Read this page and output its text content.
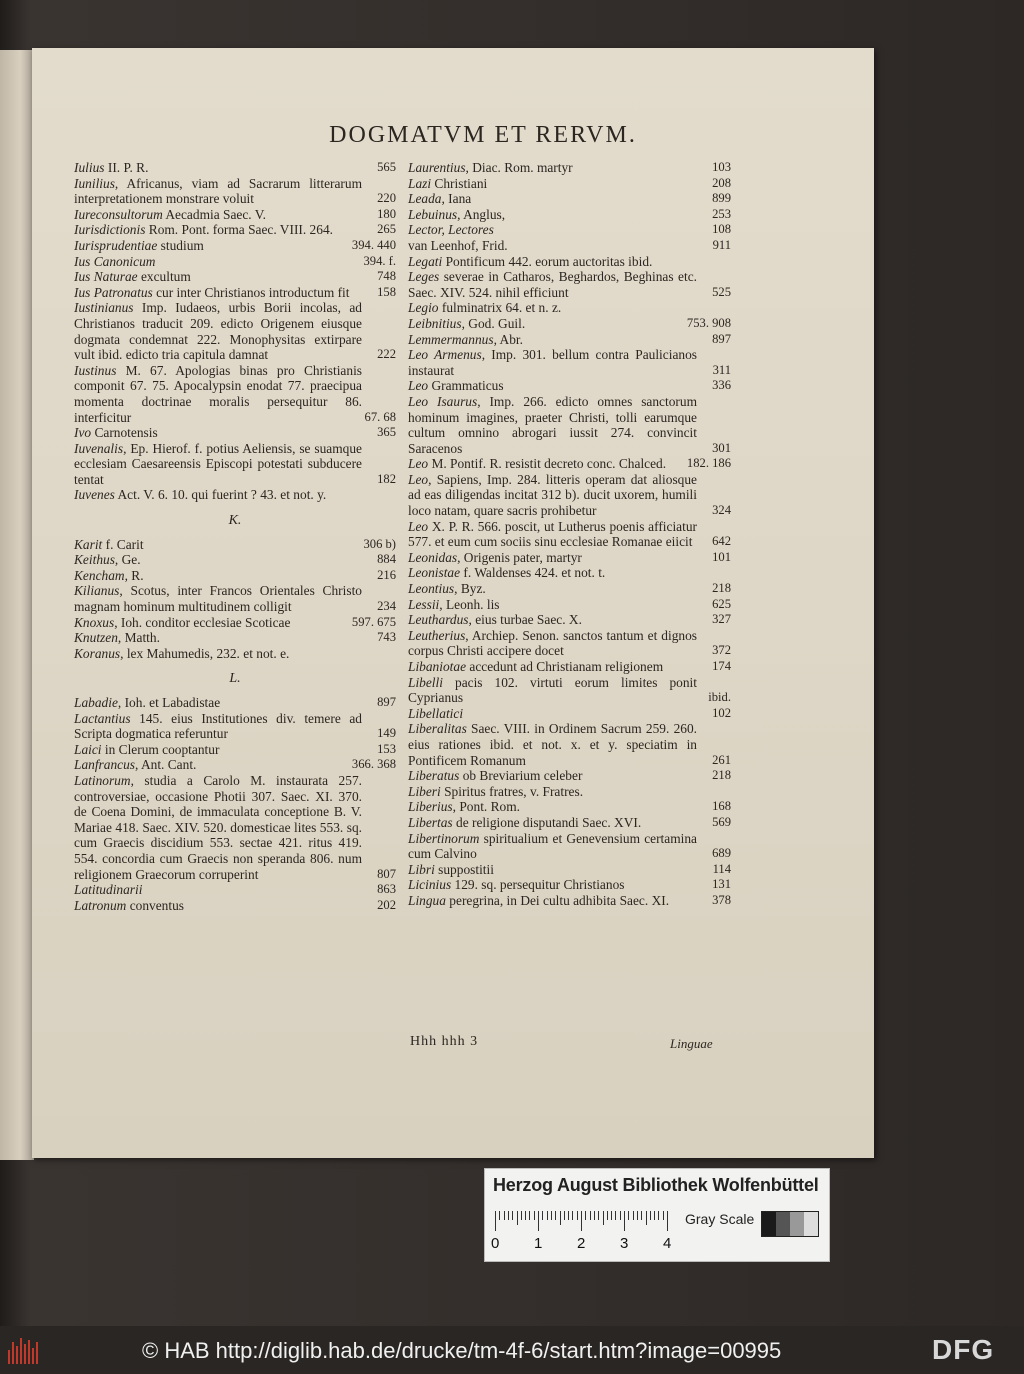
DOGMATVM ET RERVM.
Iulius II. P. R.	565
Iunilius, Africanus, viam ad Sacrarum litterarum interpretationem monstrare voluit	220
Iureconsultorum Aecadmia Saec. V.	180
Iurisdictionis Rom. Pont. forma Saec. VIII. 264.	265
Iurisprudentiae studium	394. 440
Ius Canonicum	394. f.
Ius Naturae excultum	748
Ius Patronatus cur inter Christianos introductum fit	158
Iustinianus Imp. Iudaeos, urbis Borii incolas, ad Christianos traducit 209. edicto Origenem eiusque dogmata condemnat 222. Monophysitas extirpare vult ibid. edicto tria capitula damnat	222
Iustinus M. 67. Apologias binas pro Christianis componit 67. 75. Apocalypsin enodat 77. praecipua momenta doctrinae moralis persequitur 86. interficitur	67. 68
Ivo Carnotensis	365
Iuvenalis, Ep. Hierof. f. potius Aeliensis, se suamque ecclesiam Caesareensis Episcopi potestati subducere tentat	182
Iuvenes Act. V. 6. 10. qui fuerint ? 43. et not. y.
K.
Karit f. Carit	306 b)
Keithus, Ge.	884
Kencham, R.	216
Kilianus, Scotus, inter Francos Orientales Christo magnam hominum multitudinem colligit	234
Knoxus, Ioh. conditor ecclesiae Scoticae	597. 675
Knutzen, Matth.	743
Koranus, lex Mahumedis, 232. et not. e.
L.
Labadie, Ioh. et Labadistae	897
Lactantius 145. eius Institutiones div. temere ad Scripta dogmatica referuntur	149
Laici in Clerum cooptantur	153
Lanfrancus, Ant. Cant.	366. 368
Latinorum, studia a Carolo M. instaurata 257. controversiae, occasione Photii 307. Saec. XI. 370. de Coena Domini, de immaculata conceptione B. V. Mariae 418. Saec. XIV. 520. domesticae lites 553. sq. cum Graecis discidium 553. sectae 421. ritus 419. 554. concordia cum Graecis non speranda 806. num religionem Graecorum corruperint	807
Latitudinarii	863
Latronum conventus	202
Laurentius, Diac. Rom. martyr	103
Lazi Christiani	208
Leada, Iana	899
Lebuinus, Anglus,	253
Lector, Lectores	108
van Leenhof, Frid.	911
Legati Pontificum 442. eorum auctoritas ibid.
Leges severae in Catharos, Beghardos, Beghinas etc. Saec. XIV. 524. nihil efficiunt	525
Legio fulminatrix 64. et n. z.
Leibnitius, God. Guil.	753. 908
Lemmermannus, Abr.	897
Leo Armenus, Imp. 301. bellum contra Paulicianos instaurat	311
Leo Grammaticus	336
Leo Isaurus, Imp. 266. edicto omnes sanctorum hominum imagines, praeter Christi, tolli earumque cultum omnino abrogari iussit 274. convincit Saracenos	301
Leo M. Pontif. R. resistit decreto conc. Chalced.	182. 186
Leo, Sapiens, Imp. 284. litteris operam dat aliosque ad eas diligendas incitat 312 b). ducit uxorem, humili loco natam, quare sacris prohibetur	324
Leo X. P. R. 566. poscit, ut Lutherus poenis afficiatur 577. et eum cum sociis sinu ecclesiae Romanae eiicit	642
Leonidas, Origenis pater, martyr	101
Leonistae f. Waldenses 424. et not. t.
Leontius, Byz.	218
Lessii, Leonh. lis	625
Leuthardus, eius turbae Saec. X.	327
Leutherius, Archiep. Senon. sanctos tantum et dignos corpus Christi accipere docet	372
Libaniotae accedunt ad Christianam religionem	174
Libelli pacis 102. virtuti eorum limites ponit Cyprianus	ibid.
Libellatici	102
Liberalitas Saec. VIII. in Ordinem Sacrum 259. 260. eius rationes ibid. et not. x. et y. speciatim in Pontificem Romanum	261
Liberatus ob Breviarium celeber	218
Liberi Spiritus fratres, v. Fratres.
Liberius, Pont. Rom.	168
Libertas de religione disputandi Saec. XVI.	569
Libertinorum spiritualium et Genevensium certamina cum Calvino	689
Libri suppostitii	114
Licinius 129. sq. persequitur Christianos	131
Lingua peregrina, in Dei cultu adhibita Saec. XI.	378
Hhh hhh 3	Linguae
Herzog August Bibliothek Wolfenbüttel
0 1 2 3 4
Gray Scale
© HAB http://diglib.hab.de/drucke/tm-4f-6/start.htm?image=00995	DFG
